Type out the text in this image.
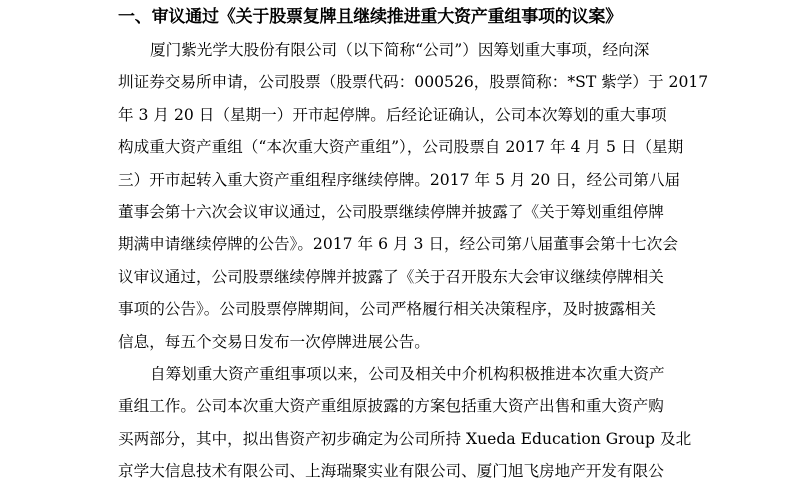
一、审议通过《关于股票复牌且继续推进重大资产重组事项的议案》
厦门紫光学大股份有限公司（以下简称“公司”）因筹划重大事项，经向深
圳证券交易所申请，公司股票（股票代码：000526，股票简称：*ST 紫学）于 2017
年 3 月 20 日（星期一）开市起停牌。后经论证确认，公司本次筹划的重大事项
构成重大资产重组（“本次重大资产重组”），公司股票自 2017 年 4 月 5 日（星期
三）开市起转入重大资产重组程序继续停牌。2017 年 5 月 20 日，经公司第八届
董事会第十六次会议审议通过，公司股票继续停牌并披露了《关于筹划重组停牌
期满申请继续停牌的公告》。2017 年 6 月 3 日，经公司第八届董事会第十七次会
议审议通过，公司股票继续停牌并披露了《关于召开股东大会审议继续停牌相关
事项的公告》。公司股票停牌期间，公司严格履行相关决策程序，及时披露相关
信息，每五个交易日发布一次停牌进展公告。
自筹划重大资产重组事项以来，公司及相关中介机构积极推进本次重大资产
重组工作。公司本次重大资产重组原披露的方案包括重大资产出售和重大资产购
买两部分，其中，拟出售资产初步确定为公司所持 Xueda Education Group 及北
京学大信息技术有限公司、上海瑞聚实业有限公司、厦门旭飞房地产开发有限公
